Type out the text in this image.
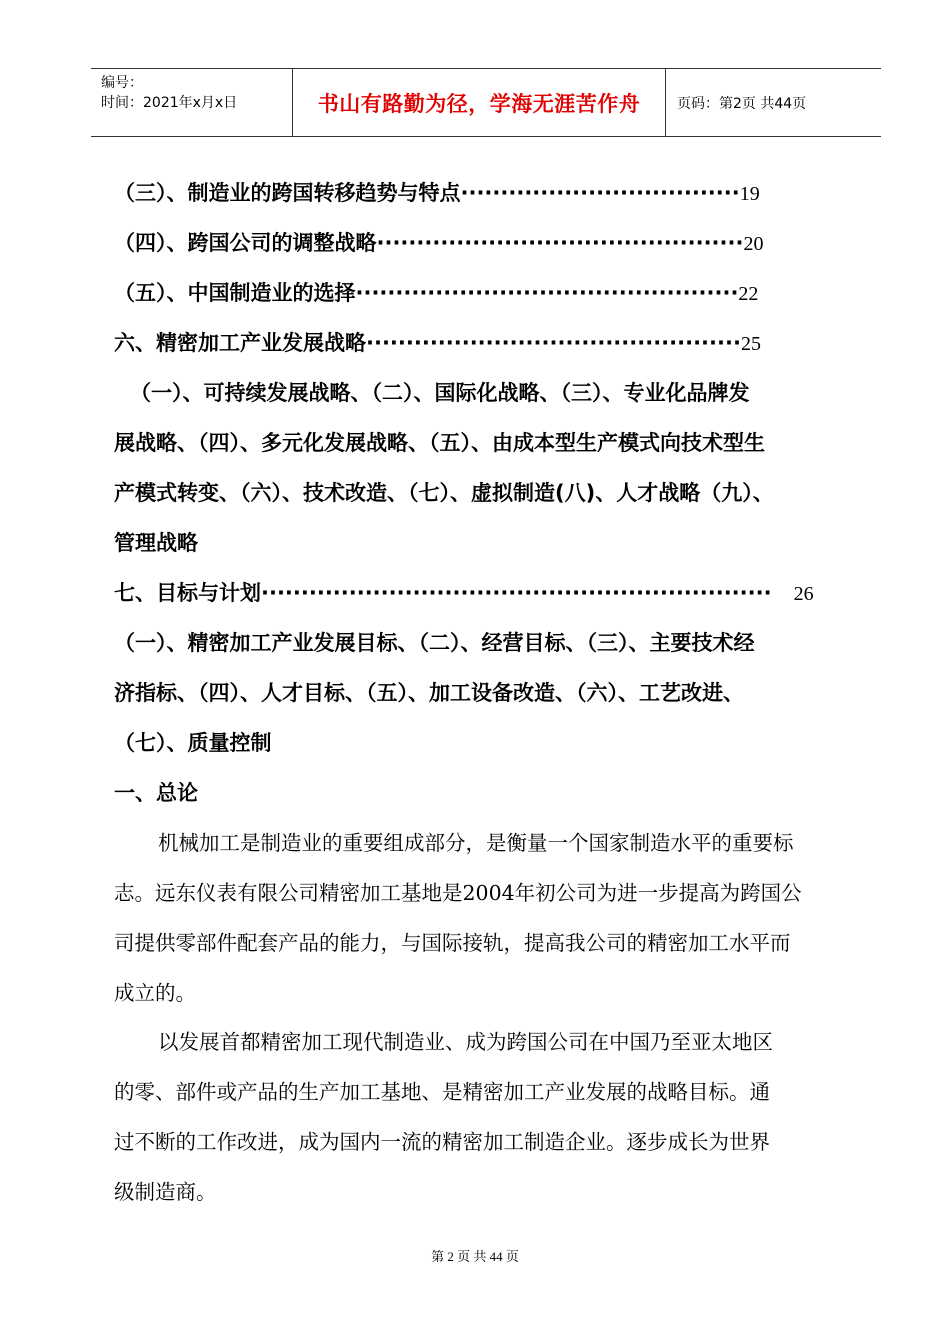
编号：
时间：2021年x月x日	书山有路勤为径，学海无涯苦作舟	页码：第2页 共44页
（三）、制造业的跨国转移趋势与特点 ··································· 19
（四）、跨国公司的调整战略 ·············································· 20
（五）、中国制造业的选择 ················································ 22
六、精密加工产业发展战略 ··············································· 25
（一）、可持续发展战略、（二）、国际化战略、（三）、专业化品牌发
展战略、（四）、多元化发展战略、（五）、由成本型生产模式向技术型生
产模式转变、（六）、技术改造、（七）、虚拟制造(八)、人才战略（九）、
管理战略
七、目标与计划 ································································ 26
（一）、精密加工产业发展目标、（二）、经营目标、（三）、主要技术经
济指标、（四）、人才目标、（五）、加工设备改造、（六）、工艺改进、
（七）、质量控制
一、总论
机械加工是制造业的重要组成部分，是衡量一个国家制造水平的重要标
志。远东仪表有限公司精密加工基地是2004年初公司为进一步提高为跨国公
司提供零部件配套产品的能力，与国际接轨，提高我公司的精密加工水平而
成立的。
以发展首都精密加工现代制造业、成为跨国公司在中国乃至亚太地区
的零、部件或产品的生产加工基地、是精密加工产业发展的战略目标。通
过不断的工作改进，成为国内一流的精密加工制造企业。逐步成长为世界
级制造商。
第 2 页 共 44 页
